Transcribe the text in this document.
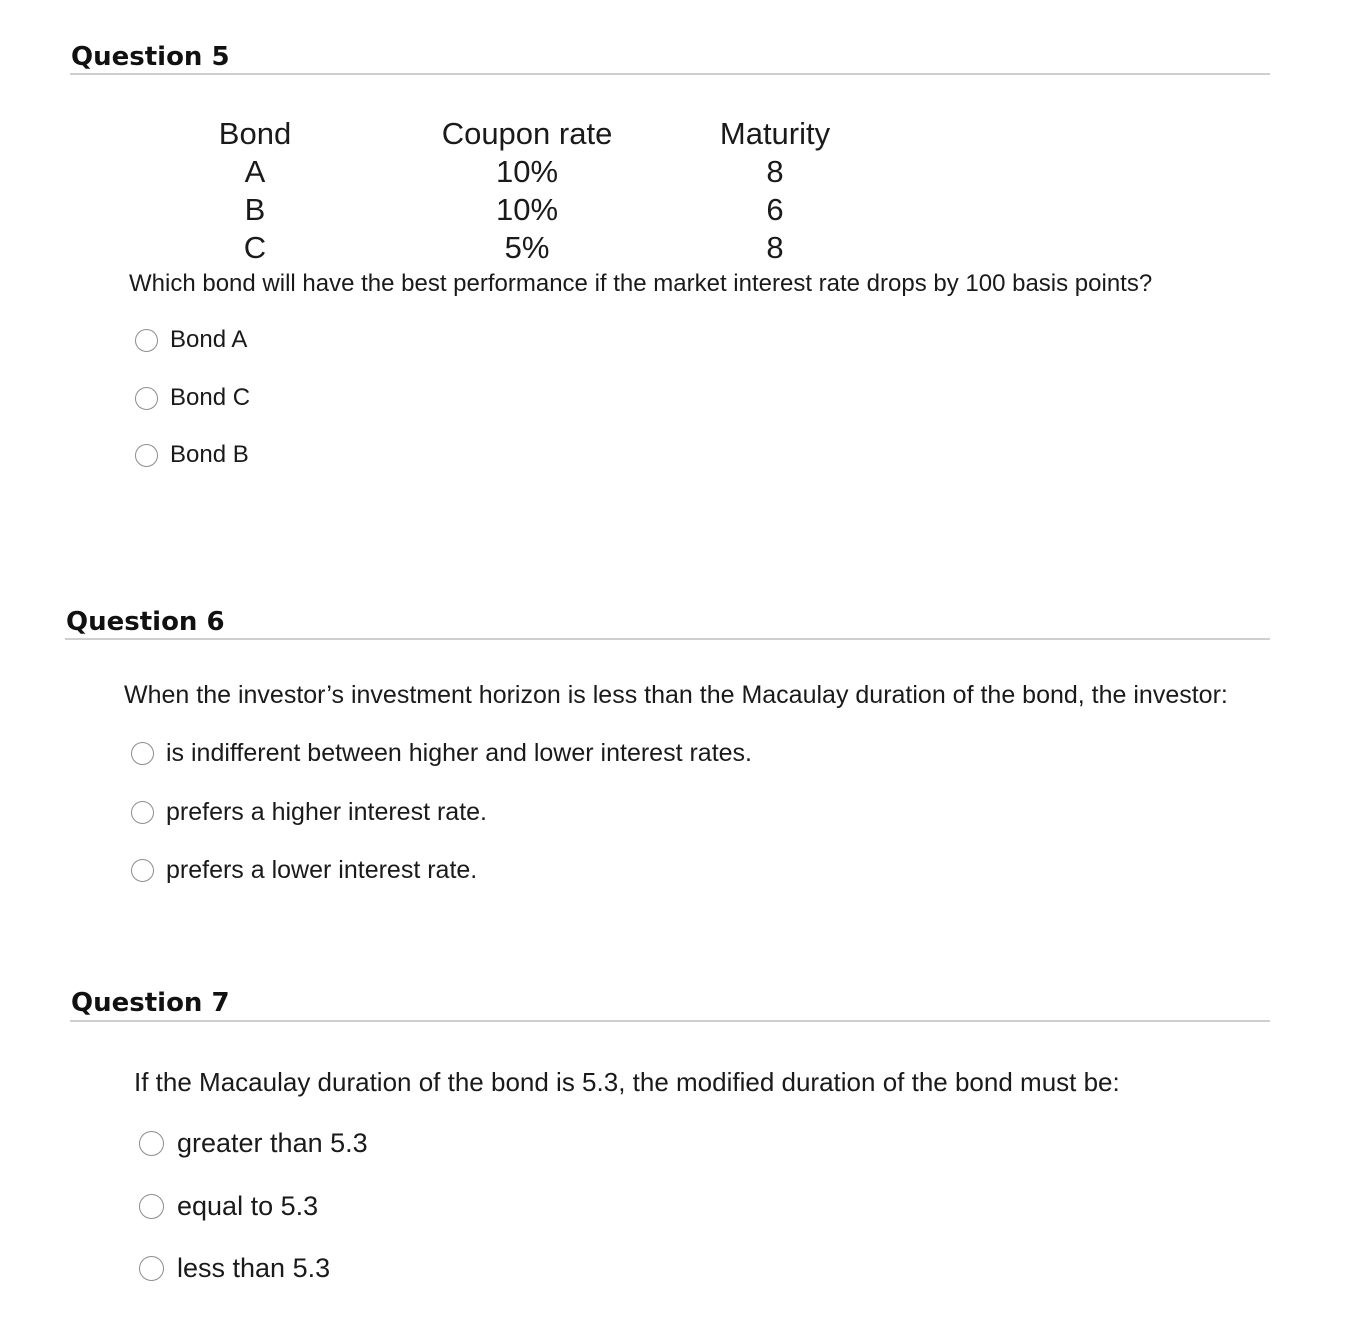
Question 5
Bond	Coupon rate	Maturity
A	10%	8
B	10%	6
C	5%	8

Which bond will have the best performance if the market interest rate drops by 100 basis points?

Bond A
Bond C
Bond B
Question 6

When the investor’s investment horizon is less than the Macaulay duration of the bond, the investor:

is indifferent between higher and lower interest rates.
prefers a higher interest rate.
prefers a lower interest rate.
Question 7

If the Macaulay duration of the bond is 5.3, the modified duration of the bond must be:

greater than 5.3
equal to 5.3
less than 5.3
